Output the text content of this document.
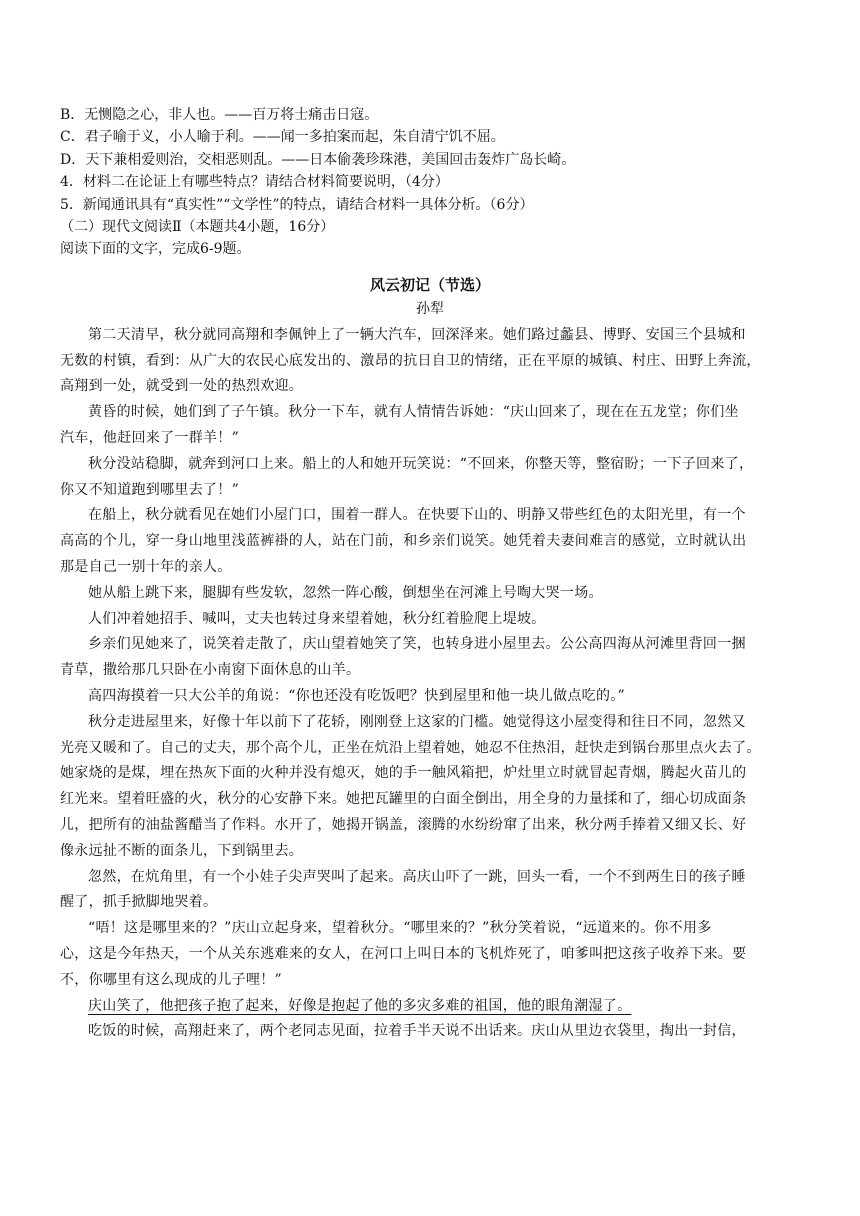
B．无恻隐之心，非人也。——百万将士痛击日寇。
C．君子喻于义，小人喻于利。——闻一多拍案而起，朱自清宁饥不屈。
D．天下兼相爱则治，交相恶则乱。——日本偷袭珍珠港，美国回击轰炸广岛长崎。
4．材料二在论证上有哪些特点？请结合材料简要说明，（4分）
5．新闻通讯具有“真实性”“文学性”的特点，请结合材料一具体分析。（6分）
（二）现代文阅读Ⅱ（本题共4小题，16分）
阅读下面的文字，完成6-9题。
风云初记（节选）
孙犁
第二天清早，秋分就同高翔和李佩钟上了一辆大汽车，回深泽来。她们路过蠡县、博野、安国三个县城和
无数的村镇，看到：从广大的农民心底发出的、激昂的抗日自卫的情绪，正在平原的城镇、村庄、田野上奔流，
高翔到一处，就受到一处的热烈欢迎。
黄昏的时候，她们到了子午镇。秋分一下车，就有人情情告诉她：“庆山回来了，现在在五龙堂；你们坐
汽车，他赶回来了一群羊！”
秋分没站稳脚，就奔到河口上来。船上的人和她开玩笑说：“不回来，你整天等，整宿盼；一下子回来了，
你又不知道跑到哪里去了！”
在船上，秋分就看见在她们小屋门口，围着一群人。在快要下山的、明静又带些红色的太阳光里，有一个
高高的个儿，穿一身山地里浅蓝裤褂的人，站在门前，和乡亲们说笑。她凭着夫妻间难言的感觉，立时就认出
那是自己一别十年的亲人。
她从船上跳下来，腿脚有些发软，忽然一阵心酸，倒想坐在河滩上号啕大哭一场。
人们冲着她招手、喊叫，丈夫也转过身来望着她，秋分红着脸爬上堤坡。
乡亲们见她来了，说笑着走散了，庆山望着她笑了笑，也转身进小屋里去。公公高四海从河滩里背回一捆
青草，撒给那几只卧在小南窗下面休息的山羊。
高四海摸着一只大公羊的角说：“你也还没有吃饭吧？快到屋里和他一块儿做点吃的。”
秋分走进屋里来，好像十年以前下了花轿，刚刚登上这家的门槛。她觉得这小屋变得和往日不同，忽然又
光亮又暖和了。自己的丈夫，那个高个儿，正坐在炕沿上望着她，她忍不住热泪，赶快走到锅台那里点火去了。
她家烧的是煤，埋在热灰下面的火种并没有熄灭，她的手一触风箱把，炉灶里立时就冒起青烟，腾起火苗儿的
红光来。望着旺盛的火，秋分的心安静下来。她把瓦罐里的白面全倒出，用全身的力量揉和了，细心切成面条
儿，把所有的油盐酱醋当了作料。水开了，她揭开锅盖，滚腾的水纷纷窜了出来，秋分两手捧着又细又长、好
像永远扯不断的面条儿，下到锅里去。
忽然，在炕角里，有一个小娃子尖声哭叫了起来。高庆山吓了一跳，回头一看，一个不到两生日的孩子睡
醒了，抓手掀脚地哭着。
“唔！这是哪里来的？”庆山立起身来，望着秋分。“哪里来的？”秋分笑着说，“远道来的。你不用多
心，这是今年热天，一个从关东逃难来的女人，在河口上叫日本的飞机炸死了，咱爹叫把这孩子收养下来。要
不，你哪里有这么现成的儿子哩！”
庆山笑了，他把孩子抱了起来，好像是抱起了他的多灾多难的祖国，他的眼角潮湿了。
吃饭的时候，高翔赶来了，两个老同志见面，拉着手半天说不出话来。庆山从里边衣袋里，掏出一封信，
